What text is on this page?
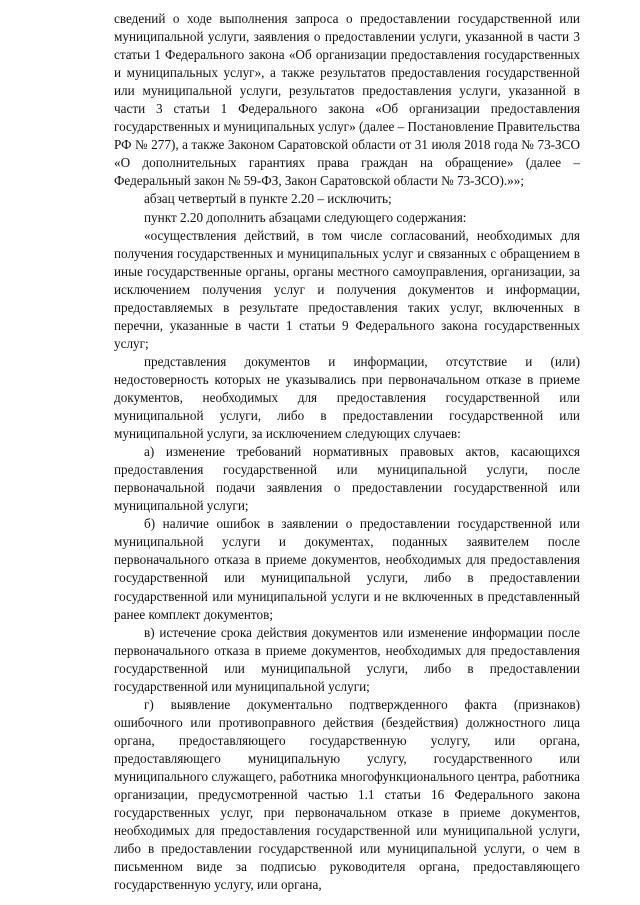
сведений о ходе выполнения запроса о предоставлении государственной или муниципальной услуги, заявления о предоставлении услуги, указанной в части 3 статьи 1 Федерального закона «Об организации предоставления государственных и муниципальных услуг», а также результатов предоставления государственной или муниципальной услуги, результатов предоставления услуги, указанной в части 3 статьи 1 Федерального закона «Об организации предоставления государственных и муниципальных услуг» (далее – Постановление Правительства РФ № 277), а также Законом Саратовской области от 31 июля 2018 года № 73-ЗСО «О дополнительных гарантиях права граждан на обращение» (далее – Федеральный закон № 59-ФЗ, Закон Саратовской области № 73-ЗСО).»»;

абзац четвертый в пункте 2.20 – исключить;

пункт 2.20 дополнить абзацами следующего содержания:

«осуществления действий, в том числе согласований, необходимых для получения государственных и муниципальных услуг и связанных с обращением в иные государственные органы, органы местного самоуправления, организации, за исключением получения услуг и получения документов и информации, предоставляемых в результате предоставления таких услуг, включенных в перечни, указанные в части 1 статьи 9 Федерального закона государственных услуг;

представления документов и информации, отсутствие и (или) недостоверность которых не указывались при первоначальном отказе в приеме документов, необходимых для предоставления государственной или муниципальной услуги, либо в предоставлении государственной или муниципальной услуги, за исключением следующих случаев:

а) изменение требований нормативных правовых актов, касающихся предоставления государственной или муниципальной услуги, после первоначальной подачи заявления о предоставлении государственной или муниципальной услуги;

б) наличие ошибок в заявлении о предоставлении государственной или муниципальной услуги и документах, поданных заявителем после первоначального отказа в приеме документов, необходимых для предоставления государственной или муниципальной услуги, либо в предоставлении государственной или муниципальной услуги и не включенных в представленный ранее комплект документов;

в) истечение срока действия документов или изменение информации после первоначального отказа в приеме документов, необходимых для предоставления государственной или муниципальной услуги, либо в предоставлении государственной или муниципальной услуги;

г) выявление документально подтвержденного факта (признаков) ошибочного или противоправного действия (бездействия) должностного лица органа, предоставляющего государственную услугу, или органа, предоставляющего муниципальную услугу, государственного или муниципального служащего, работника многофункционального центра, работника организации, предусмотренной частью 1.1 статьи 16 Федерального закона государственных услуг, при первоначальном отказе в приеме документов, необходимых для предоставления государственной или муниципальной услуги, либо в предоставлении государственной или муниципальной услуги, о чем в письменном виде за подписью руководителя органа, предоставляющего государственную услугу, или органа,
